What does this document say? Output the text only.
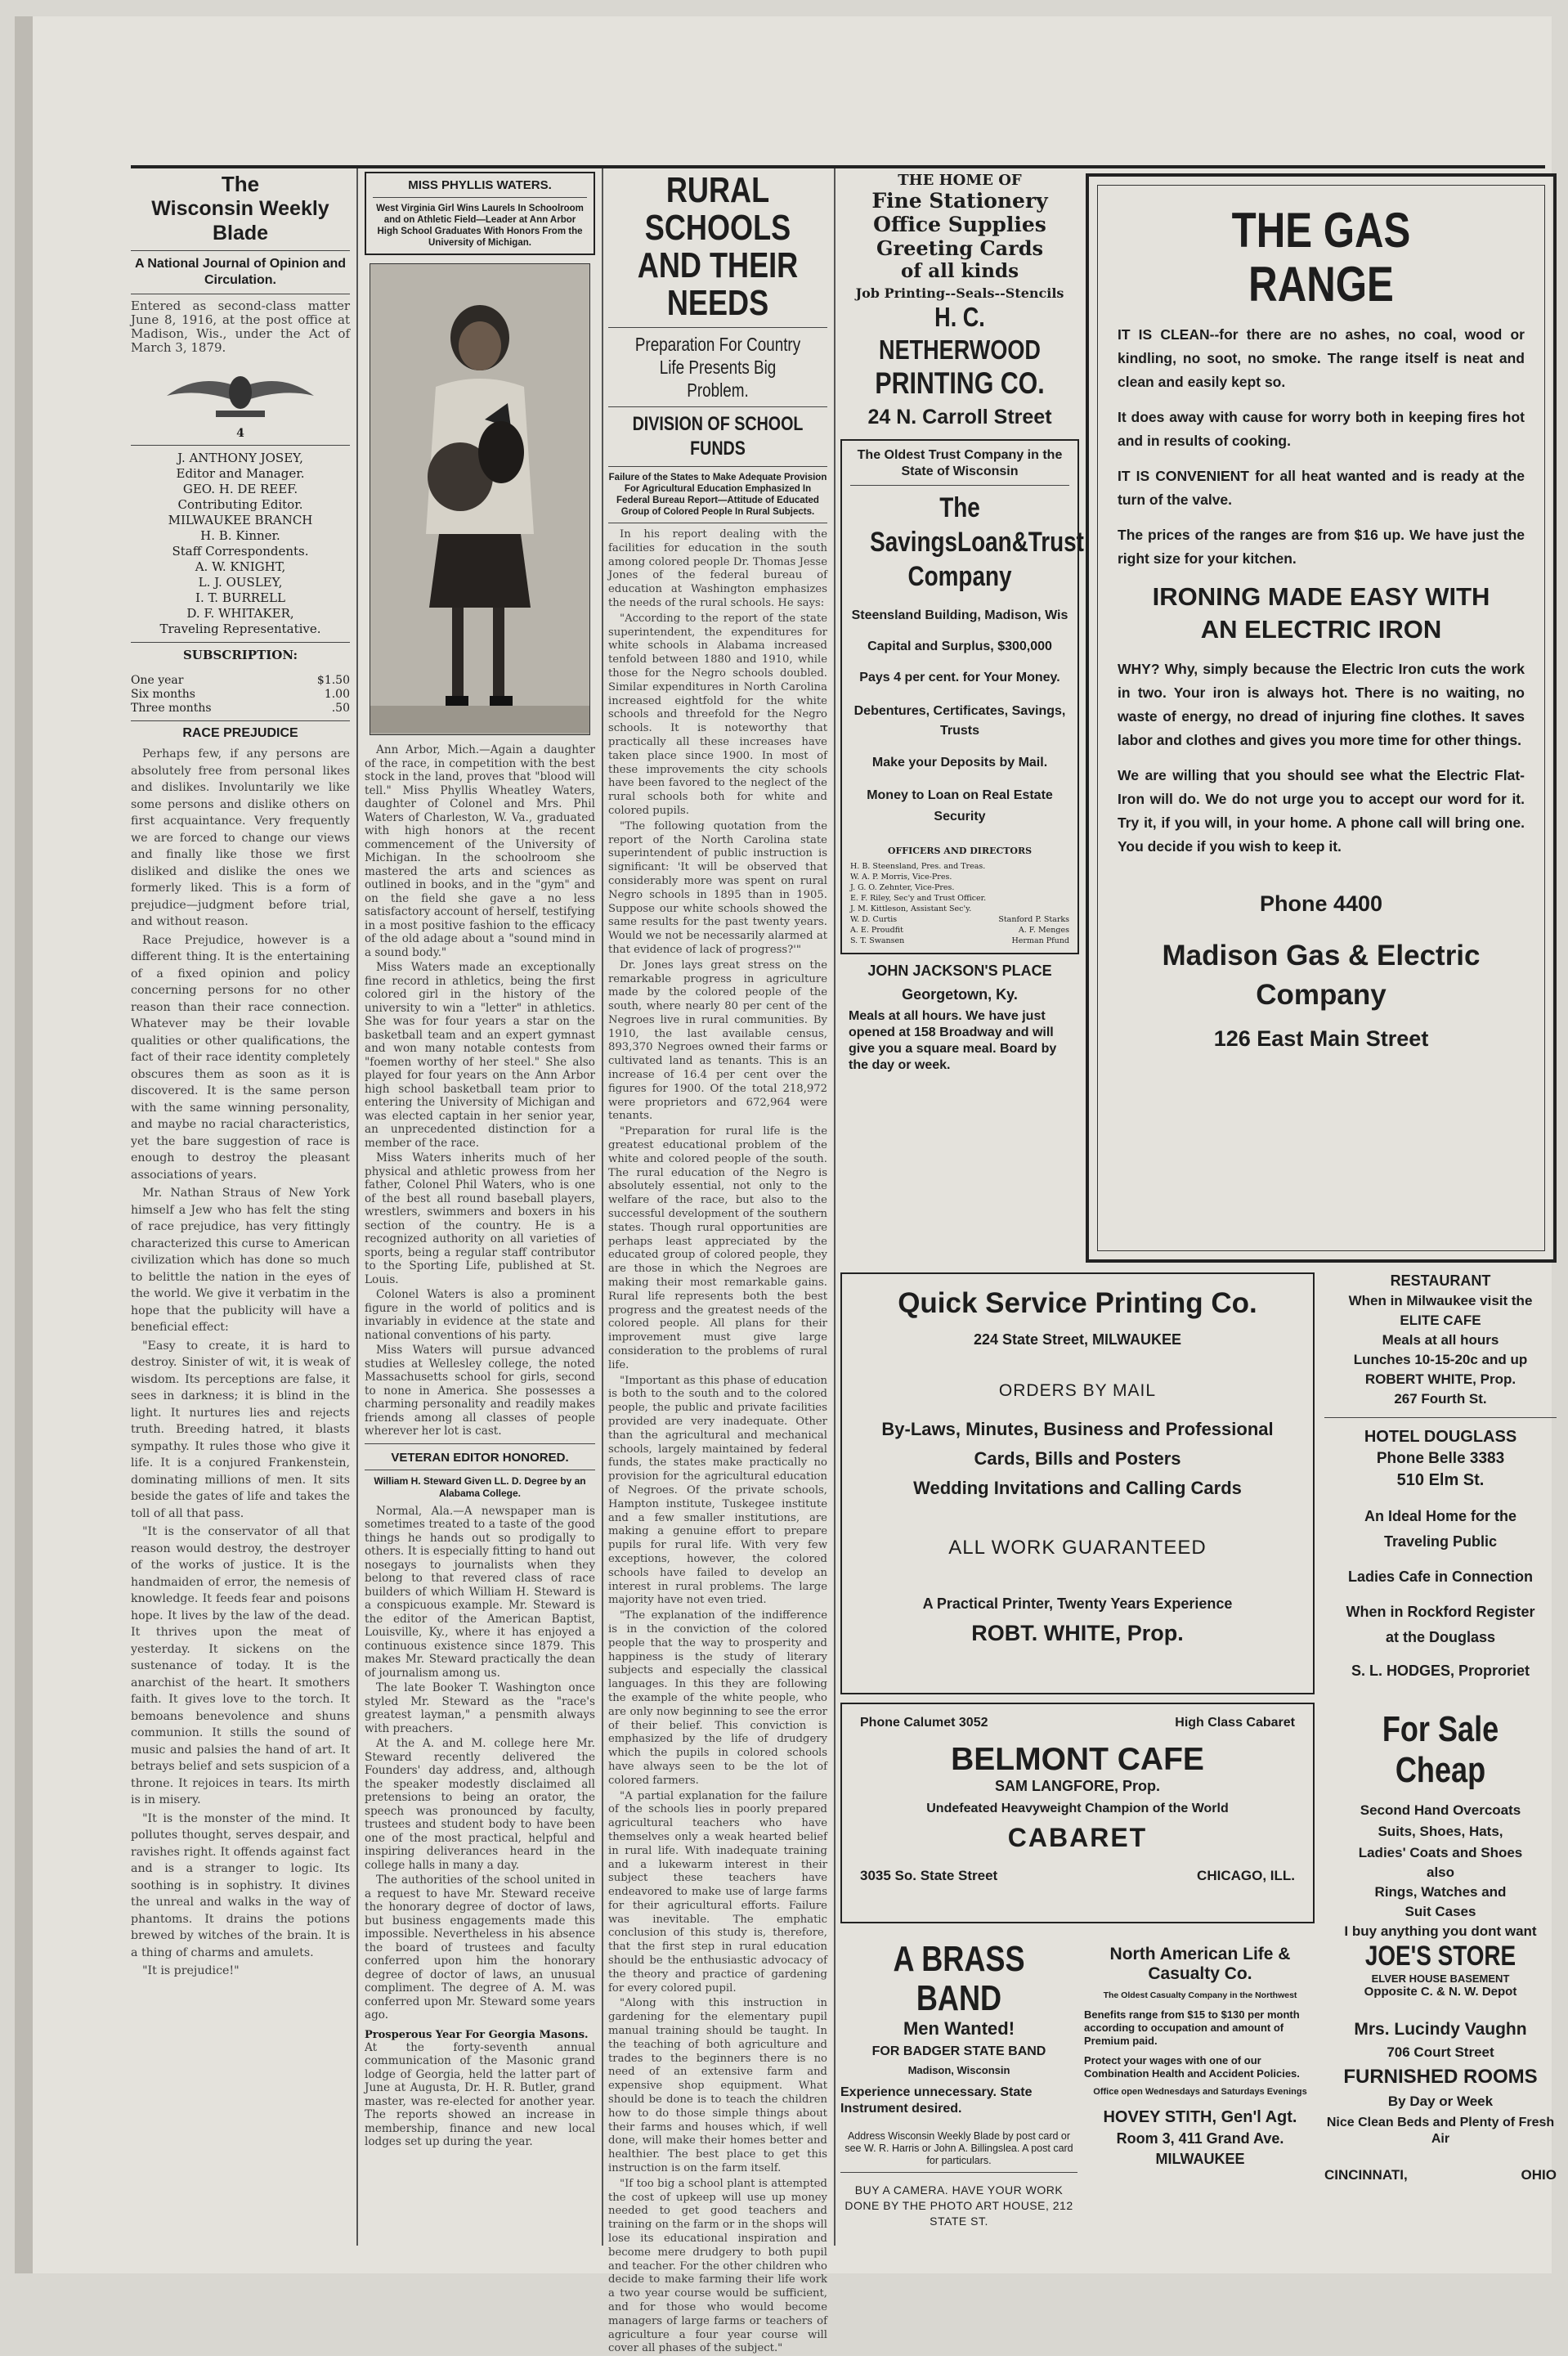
The
Wisconsin Weekly Blade
A National Journal of Opinion and Circulation.
Entered as second-class matter June 8, 1916, at the post office at Madison, Wis., under the Act of March 3, 1879.
4
J. ANTHONY JOSEY,
Editor and Manager.
GEO. H. DE REEF.
Contributing Editor.
MILWAUKEE BRANCH
H. B. Kinner.
Staff Correspondents.
A. W. KNIGHT,
L. J. OUSLEY,
I. T. BURRELL
D. F. WHITAKER,
Traveling Representative.
SUBSCRIPTION:
One year	$1.50
Six months	1.00
Three months	.50
RACE PREJUDICE

Perhaps few, if any persons are absolutely free from personal likes and dislikes. Involuntarily we like some persons and dislike others on first acquaintance. Very frequently we are forced to change our views and finally like those we first disliked and dislike the ones we formerly liked. This is a form of prejudice—judgment before trial, and without reason.

Race Prejudice, however is a different thing. It is the entertaining of a fixed opinion and policy concerning persons for no other reason than their race connection. Whatever may be their lovable qualities or other qualifications, the fact of their race identity completely obscures them as soon as it is discovered. It is the same person with the same winning personality, and maybe no racial characteristics, yet the bare suggestion of race is enough to destroy the pleasant associations of years.

Mr. Nathan Straus of New York himself a Jew who has felt the sting of race prejudice, has very fittingly characterized this curse to American civilization which has done so much to belittle the nation in the eyes of the world. We give it verbatim in the hope that the publicity will have a beneficial effect:

"Easy to create, it is hard to destroy. Sinister of wit, it is weak of wisdom. Its perceptions are false, it sees in darkness; it is blind in the light. It nurtures lies and rejects truth. Breeding hatred, it blasts sympathy. It rules those who give it life. It is a conjured Frankenstein, dominating millions of men. It sits beside the gates of life and takes the toll of all that pass.

"It is the conservator of all that reason would destroy, the destroyer of the works of justice. It is the handmaiden of error, the nemesis of knowledge. It feeds fear and poisons hope. It lives by the law of the dead. It thrives upon the meat of yesterday. It sickens on the sustenance of today. It is the anarchist of the heart. It smothers faith. It gives love to the torch. It bemoans benevolence and shuns communion. It stills the sound of music and palsies the hand of art. It betrays belief and sets suspicion of a throne. It rejoices in tears. Its mirth is in misery.

"It is the monster of the mind. It pollutes thought, serves despair, and ravishes right. It offends against fact and is a stranger to logic. Its soothing is in sophistry. It divines the unreal and walks in the way of phantoms. It drains the potions brewed by witches of the brain. It is a thing of charms and amulets.

"It is prejudice!"

MISS PHYLLIS WATERS.
West Virginia Girl Wins Laurels In Schoolroom and on Athletic Field—Leader at Ann Arbor High School Graduates With Honors From the University of Michigan.

Ann Arbor, Mich.—Again a daughter of the race, in competition with the best stock in the land, proves that "blood will tell." Miss Phyllis Wheatley Waters, daughter of Colonel and Mrs. Phil Waters of Charleston, W. Va., graduated with high honors at the recent commencement of the University of Michigan. In the schoolroom she mastered the arts and sciences as outlined in books, and in the "gym" and on the field she gave a no less satisfactory account of herself, testifying in a most positive fashion to the efficacy of the old adage about a "sound mind in a sound body."

Miss Waters made an exceptionally fine record in athletics, being the first colored girl in the history of the university to win a "letter" in athletics. She was for four years a star on the basketball team and an expert gymnast and won many notable contests from "foemen worthy of her steel." She also played for four years on the Ann Arbor high school basketball team prior to entering the University of Michigan and was elected captain in her senior year, an unprecedented distinction for a member of the race.

Miss Waters inherits much of her physical and athletic prowess from her father, Colonel Phil Waters, who is one of the best all round baseball players, wrestlers, swimmers and boxers in his section of the country. He is a recognized authority on all varieties of sports, being a regular staff contributor to the Sporting Life, published at St. Louis.

Colonel Waters is also a prominent figure in the world of politics and is invariably in evidence at the state and national conventions of his party.

Miss Waters will pursue advanced studies at Wellesley college, the noted Massachusetts school for girls, second to none in America. She possesses a charming personality and readily makes friends among all classes of people wherever her lot is cast.

VETERAN EDITOR HONORED.
William H. Steward Given LL. D. Degree by an Alabama College.

Normal, Ala.—A newspaper man is sometimes treated to a taste of the good things he hands out so prodigally to others. It is especially fitting to hand out nosegays to journalists when they belong to that revered class of race builders of which William H. Steward is a conspicuous example. Mr. Steward is the editor of the American Baptist, Louisville, Ky., where it has enjoyed a continuous existence since 1879. This makes Mr. Steward practically the dean of journalism among us.

The late Booker T. Washington once styled Mr. Steward as the "race's greatest layman," a pensmith always with preachers.

At the A. and M. college here Mr. Steward recently delivered the Founders' day address, and, although the speaker modestly disclaimed all pretensions to being an orator, the speech was pronounced by faculty, trustees and student body to have been one of the most practical, helpful and inspiring deliverances heard in the college halls in many a day.

The authorities of the school united in a request to have Mr. Steward receive the honorary degree of doctor of laws, but business engagements made this impossible. Nevertheless in his absence the board of trustees and faculty conferred upon him the honorary degree of doctor of laws, an unusual compliment. The degree of A. M. was conferred upon Mr. Steward some years ago.

Prosperous Year For Georgia Masons.
At the forty-seventh annual communication of the Masonic grand lodge of Georgia, held the latter part of June at Augusta, Dr. H. R. Butler, grand master, was re-elected for another year. The reports showed an increase in membership, finance and new local lodges set up during the year.
RURAL SCHOOLS
AND THEIR NEEDS
Preparation For Country Life Presents Big Problem.
DIVISION OF SCHOOL FUNDS
Failure of the States to Make Adequate Provision For Agricultural Education Emphasized In Federal Bureau Report—Attitude of Educated Group of Colored People In Rural Subjects.

In his report dealing with the facilities for education in the south among colored people Dr. Thomas Jesse Jones of the federal bureau of education at Washington emphasizes the needs of the rural schools. He says:

"According to the report of the state superintendent, the expenditures for white schools in Alabama increased tenfold between 1880 and 1910, while those for the Negro schools doubled. Similar expenditures in North Carolina increased eightfold for the white schools and threefold for the Negro schools. It is noteworthy that practically all these increases have taken place since 1900. In most of these improvements the city schools have been favored to the neglect of the rural schools both for white and colored pupils.

"The following quotation from the report of the North Carolina state superintendent of public instruction is significant: 'It will be observed that considerably more was spent on rural Negro schools in 1895 than in 1905. Suppose our white schools showed the same results for the past twenty years. Would we not be necessarily alarmed at that evidence of lack of progress?'"

Dr. Jones lays great stress on the remarkable progress in agriculture made by the colored people of the south, where nearly 80 per cent of the Negroes live in rural communities. By 1910, the last available census, 893,370 Negroes owned their farms or cultivated land as tenants. This is an increase of 16.4 per cent over the figures for 1900. Of the total 218,972 were proprietors and 672,964 were tenants.

"Preparation for rural life is the greatest educational problem of the white and colored people of the south. The rural education of the Negro is absolutely essential, not only to the welfare of the race, but also to the successful development of the southern states. Though rural opportunities are perhaps least appreciated by the educated group of colored people, they are those in which the Negroes are making their most remarkable gains. Rural life represents both the best progress and the greatest needs of the colored people. All plans for their improvement must give large consideration to the problems of rural life.

"Important as this phase of education is both to the south and to the colored people, the public and private facilities provided are very inadequate. Other than the agricultural and mechanical schools, largely maintained by federal funds, the states make practically no provision for the agricultural education of Negroes. Of the private schools, Hampton institute, Tuskegee institute and a few smaller institutions, are making a genuine effort to prepare pupils for rural life. With very few exceptions, however, the colored schools have failed to develop an interest in rural problems. The large majority have not even tried.

"The explanation of the indifference is in the conviction of the colored people that the way to prosperity and happiness is the study of literary subjects and especially the classical languages. In this they are following the example of the white people, who are only now beginning to see the error of their belief. This conviction is emphasized by the life of drudgery which the pupils in colored schools have always seen to be the lot of colored farmers.

"A partial explanation for the failure of the schools lies in poorly prepared agricultural teachers who have themselves only a weak hearted belief in rural life. With inadequate training and a lukewarm interest in their subject these teachers have endeavored to make use of large farms for their agricultural efforts. Failure was inevitable. The emphatic conclusion of this study is, therefore, that the first step in rural education should be the enthusiastic advocacy of the theory and practice of gardening for every colored pupil.

"Along with this instruction in gardening for the elementary pupil manual training should be taught. In the teaching of both agriculture and trades to the beginners there is no need of an extensive farm and expensive shop equipment. What should be done is to teach the children how to do those simple things about their farms and houses which, if well done, will make their homes better and healthier. The best place to get this instruction is on the farm itself.

"If too big a school plant is attempted the cost of upkeep will use up money needed to get good teachers and training on the farm or in the shops will lose its educational inspiration and become mere drudgery to both pupil and teacher. For the other children who decide to make farming their life work a two year course would be sufficient, and for those who would become managers of large farms or teachers of agriculture a four year course will cover all phases of the subject."

THE HOME OF

Fine Stationery

Office Supplies

Greeting Cards

of all kinds

Job Printing--Seals--Stencils

H. C. NETHERWOOD

PRINTING CO.

24 N. Carroll Street

The Oldest Trust Company in the State of Wisconsin
The
SavingsLoan&Trust
Company
Steensland Building, Madison, Wis
Capital and Surplus, $300,000
Pays 4 per cent. for Your Money.
Debentures, Certificates, Savings, Trusts
Make your Deposits by Mail.
Money to Loan on Real Estate Security
OFFICERS AND DIRECTORS
H. B. Steensland, Pres. and Treas.
W. A. P. Morris, Vice-Pres.
J. G. O. Zehnter, Vice-Pres.
E. F. Riley, Sec'y and Trust Officer.
J. M. Kittleson, Assistant Sec'y.
W. D. Curtis	Stanford P. Starks
A. E. Proudfit	A. F. Menges
S. T. Swansen	Herman Pfund
JOHN JACKSON'S PLACE
Georgetown, Ky.
Meals at all hours. We have just opened at 158 Broadway and will give you a square meal. Board by the day or week.
THE GAS RANGE
IT IS CLEAN--for there are no ashes, no coal, wood or kindling, no soot, no smoke. The range itself is neat and clean and easily kept so.
It does away with cause for worry both in keeping fires hot and in results of cooking.
IT IS CONVENIENT for all heat wanted and is ready at the turn of the valve.
The prices of the ranges are from $16 up. We have just the right size for your kitchen.
IRONING MADE EASY WITH
AN ELECTRIC IRON
WHY? Why, simply because the Electric Iron cuts the work in two. Your iron is always hot. There is no waiting, no waste of energy, no dread of injuring fine clothes. It saves labor and clothes and gives you more time for other things.
We are willing that you should see what the Electric Flat-Iron will do. We do not urge you to accept our word for it. Try it, if you will, in your home. A phone call will bring one. You decide if you wish to keep it.
Phone 4400
Madison Gas & Electric
Company
126 East Main Street
Quick Service Printing Co.
224 State Street, MILWAUKEE
ORDERS BY MAIL
By-Laws, Minutes, Business and Professional
Cards, Bills and Posters
Wedding Invitations and Calling Cards
ALL WORK GUARANTEED
A Practical Printer, Twenty Years Experience
ROBT. WHITE, Prop.
RESTAURANT
When in Milwaukee visit the
ELITE CAFE
Meals at all hours
Lunches 10-15-20c and up
ROBERT WHITE, Prop.
267 Fourth St.
HOTEL DOUGLASS
Phone Belle 3383
510 Elm St.
An Ideal Home for the
Traveling Public
Ladies Cafe in Connection
When in Rockford Register
at the Douglass
S. L. HODGES, Proproriet
Phone Calumet 3052	High Class Cabaret
BELMONT CAFE
SAM LANGFORE, Prop.
Undefeated Heavyweight Champion of the World
CABARET
3035 So. State Street	CHICAGO, ILL.
For Sale Cheap
Second Hand Overcoats
Suits, Shoes, Hats,
Ladies' Coats and Shoes
also
Rings, Watches and
Suit Cases
I buy anything you dont want
JOE'S STORE
ELVER HOUSE BASEMENT
Opposite C. & N. W. Depot
A BRASS BAND
Men Wanted!
FOR BADGER STATE BAND
Madison, Wisconsin
Experience unnecessary. State Instrument desired.
Address Wisconsin Weekly Blade by post card or see W. R. Harris or John A. Billingslea. A post card for particulars.
BUY A CAMERA. HAVE YOUR WORK DONE BY THE PHOTO ART HOUSE, 212 STATE ST.
North American Life &
Casualty Co.
The Oldest Casualty Company in the Northwest
Benefits range from $15 to $130 per month according to occupation and amount of Premium paid.
Protect your wages with one of our Combination Health and Accident Policies.
Office open Wednesdays and Saturdays Evenings
HOVEY STITH, Gen'l Agt.
Room 3, 411 Grand Ave.
MILWAUKEE
Mrs. Lucindy Vaughn
706 Court Street
FURNISHED ROOMS
By Day or Week
Nice Clean Beds and Plenty of Fresh Air
CINCINNATI,	OHIO
